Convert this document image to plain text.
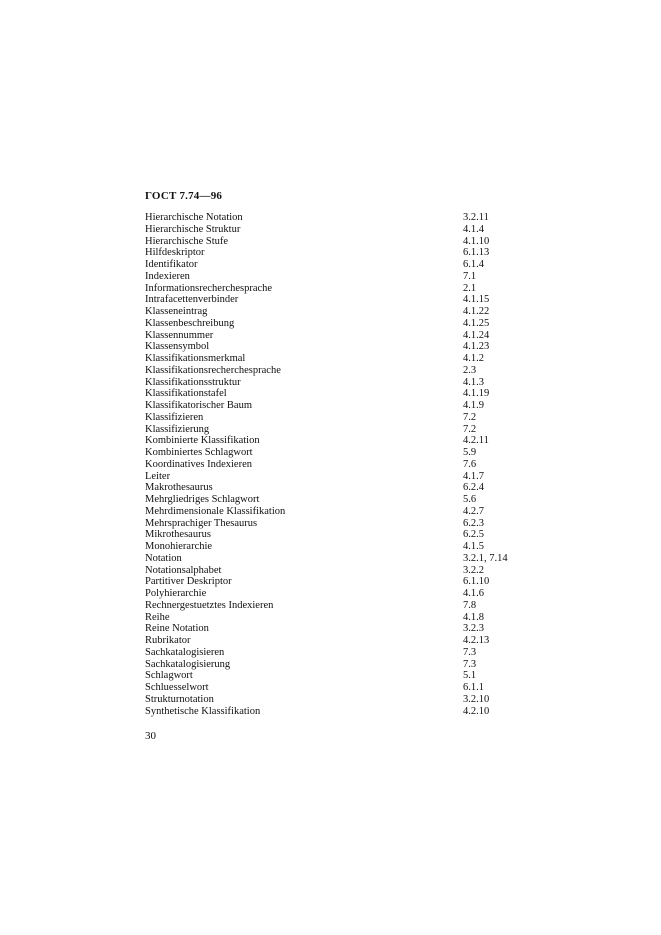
ГОСТ 7.74—96
Hierarchische Notation	3.2.11
Hierarchische Struktur	4.1.4
Hierarchische Stufe	4.1.10
Hilfdeskriptor	6.1.13
Identifikator	6.1.4
Indexieren	7.1
Informationsrecherchesprache	2.1
Intrafacettenverbinder	4.1.15
Klasseneintrag	4.1.22
Klassenbeschreibung	4.1.25
Klassennummer	4.1.24
Klassensymbol	4.1.23
Klassifikationsmerkmal	4.1.2
Klassifikationsrecherchesprache	2.3
Klassifikationsstruktur	4.1.3
Klassifikationstafel	4.1.19
Klassifikatorischer Baum	4.1.9
Klassifizieren	7.2
Klassifizierung	7.2
Kombinierte Klassifikation	4.2.11
Kombiniertes Schlagwort	5.9
Koordinatives Indexieren	7.6
Leiter	4.1.7
Makrothesaurus	6.2.4
Mehrgliedriges Schlagwort	5.6
Mehrdimensionale Klassifikation	4.2.7
Mehrsprachiger Thesaurus	6.2.3
Mikrothesaurus	6.2.5
Monohierarchie	4.1.5
Notation	3.2.1, 7.14
Notationsalphabet	3.2.2
Partitiver Deskriptor	6.1.10
Polyhierarchie	4.1.6
Rechnergestuetztes Indexieren	7.8
Reihe	4.1.8
Reine Notation	3.2.3
Rubrikator	4.2.13
Sachkatalogisieren	7.3
Sachkatalogisierung	7.3
Schlagwort	5.1
Schluesselwort	6.1.1
Strukturnotation	3.2.10
Synthetische Klassifikation	4.2.10
30
